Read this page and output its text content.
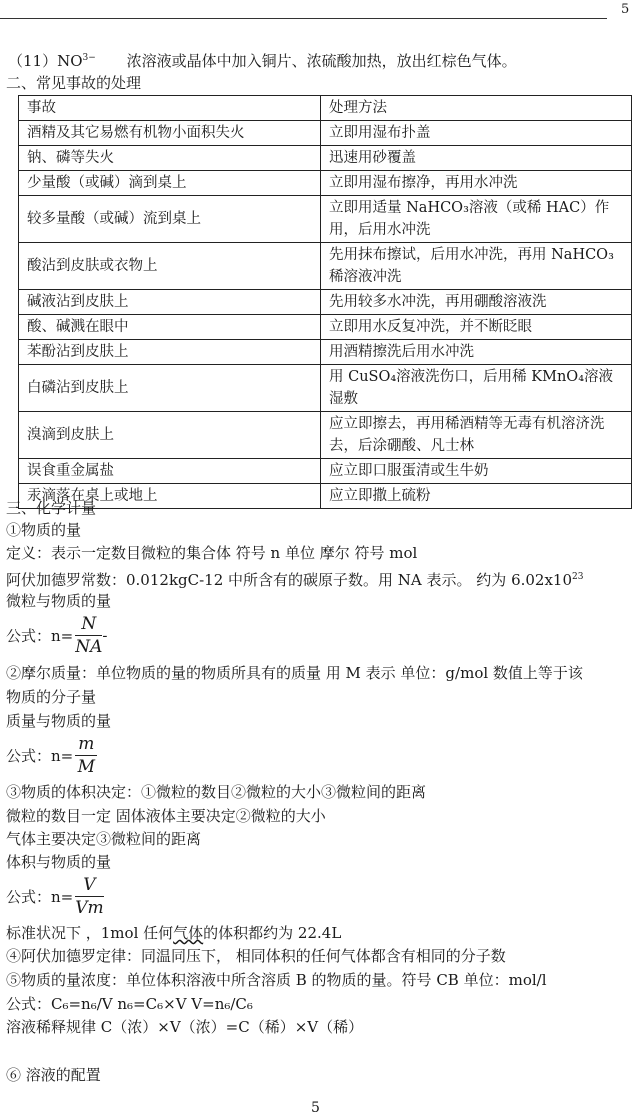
5
$(11)NO^{3-}$ 浓溶液或晶体中加入铜片、浓硫酸加热，放出红棕色气体。
二、常见事故的处理
事故	处理方法
酒精及其它易燃有机物小面积失火	立即用湿布扑盖
钠、磷等失火	迅速用砂覆盖
少量酸（或碱）滴到桌上	立即用湿布擦净，再用水冲洗
较多量酸（或碱）流到桌上	立即用适量 NaHCO₃溶液（或稀 HAC）作用，后用水冲洗
酸沾到皮肤或衣物上	先用抹布擦试，后用水冲洗，再用 NaHCO₃稀溶液冲洗
碱液沾到皮肤上	先用较多水冲洗，再用硼酸溶液洗
酸、碱溅在眼中	立即用水反复冲洗，并不断眨眼
苯酚沾到皮肤上	用酒精擦洗后用水冲洗
白磷沾到皮肤上	用 CuSO₄溶液洗伤口，后用稀 KMnO₄溶液湿敷
溴滴到皮肤上	应立即擦去，再用稀酒精等无毒有机溶济洗去，后涂硼酸、凡士林
误食重金属盐	应立即口服蛋清或生牛奶
汞滴落在桌上或地上	应立即撒上硫粉
三、化学计量
①物质的量
定义：表示一定数目微粒的集合体 符号 n 单位 摩尔 符号 mol
阿伏加德罗常数：0.012kgC-12 中所含有的碳原子数。用 NA 表示。 约为 $6.02x10^{23}$
微粒与物质的量
公式：$n= \frac{N}{NA}$ -
②摩尔质量：单位物质的量的物质所具有的质量 用 M 表示 单位：g/mol 数值上等于该
物质的分子量
质量与物质的量
公式：$n= \frac{m}{M}$
③物质的体积决定：①微粒的数目②微粒的大小③微粒间的距离
微粒的数目一定 固体液体主要决定②微粒的大小
气体主要决定③微粒间的距离
体积与物质的量
公式：$n= \frac{V}{Vm}$
标准状况下 ，1mol 任何气体的体积都约为 22.4L
④阿伏加德罗定律：同温同压下， 相同体积的任何气体都含有相同的分子数
⑤物质的量浓度：单位体积溶液中所含溶质 B 的物质的量。符号 CB 单位：mol/l
公式：C₆=n₆/V n₆=C₆×V V=n₆/C₆
溶液稀释规律 C（浓）×V（浓）=C（稀）×V（稀）
⑥ 溶液的配置
5
